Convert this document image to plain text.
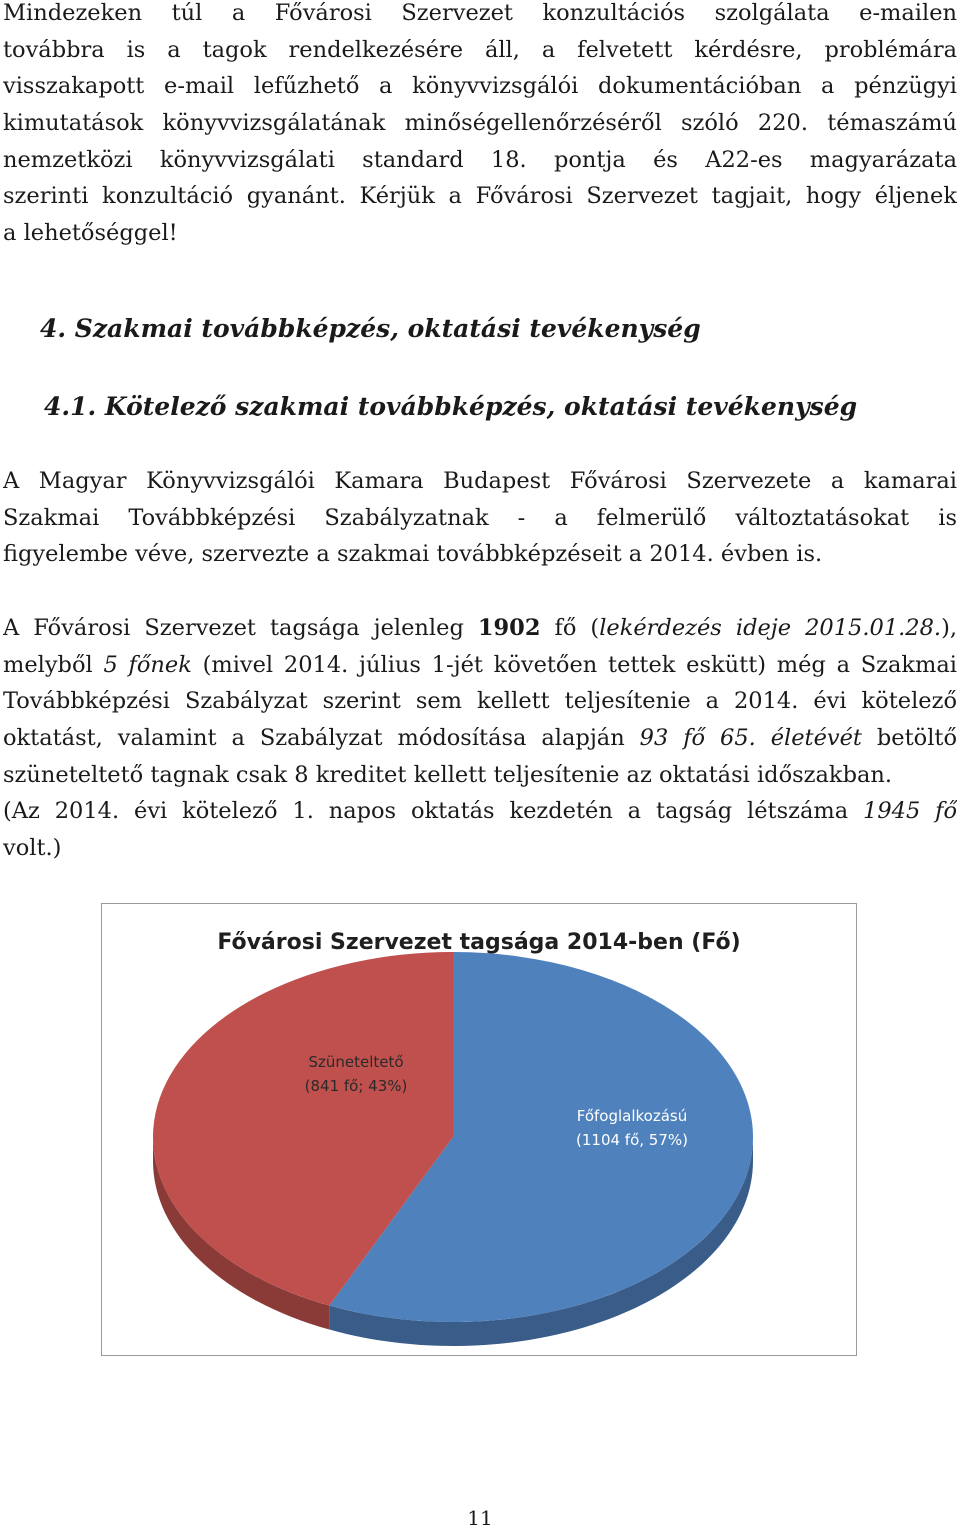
Mindezeken túl a Fővárosi Szervezet konzultációs szolgálata e-mailen
továbbra is a tagok rendelkezésére áll, a felvetett kérdésre, problémára
visszakapott e-mail lefűzhető a könyvvizsgálói dokumentációban a pénzügyi
kimutatások könyvvizsgálatának minőségellenőrzéséről szóló 220. témaszámú
nemzetközi könyvvizsgálati standard 18. pontja és A22-es magyarázata
szerinti konzultáció gyanánt. Kérjük a Fővárosi Szervezet tagjait, hogy éljenek
a lehetőséggel!
4. Szakmai továbbképzés, oktatási tevékenység
4.1. Kötelező szakmai továbbképzés, oktatási tevékenység
A Magyar Könyvvizsgálói Kamara Budapest Fővárosi Szervezete a kamarai
Szakmai Továbbképzési Szabályzatnak - a felmerülő változtatásokat is
figyelembe véve, szervezte a szakmai továbbképzéseit a 2014. évben is.
A Fővárosi Szervezet tagsága jelenleg 1902 fő (lekérdezés ideje 2015.01.28.),
melyből 5 főnek (mivel 2014. július 1-jét követően tettek eskütt) még a Szakmai
Továbbképzési Szabályzat szerint sem kellett teljesítenie a 2014. évi kötelező
oktatást, valamint a Szabályzat módosítása alapján 93 fő 65. életévét betöltő
szüneteltető tagnak csak 8 kreditet kellett teljesítenie az oktatási időszakban.
(Az 2014. évi kötelező 1. napos oktatás kezdetén a tagság létszáma 1945 fő
volt.)
Fővárosi Szervezet tagsága 2014-ben (Fő)
Főfoglalkozású
(1104 fő, 57%)
Szüneteltető
(841 fő; 43%)
11
